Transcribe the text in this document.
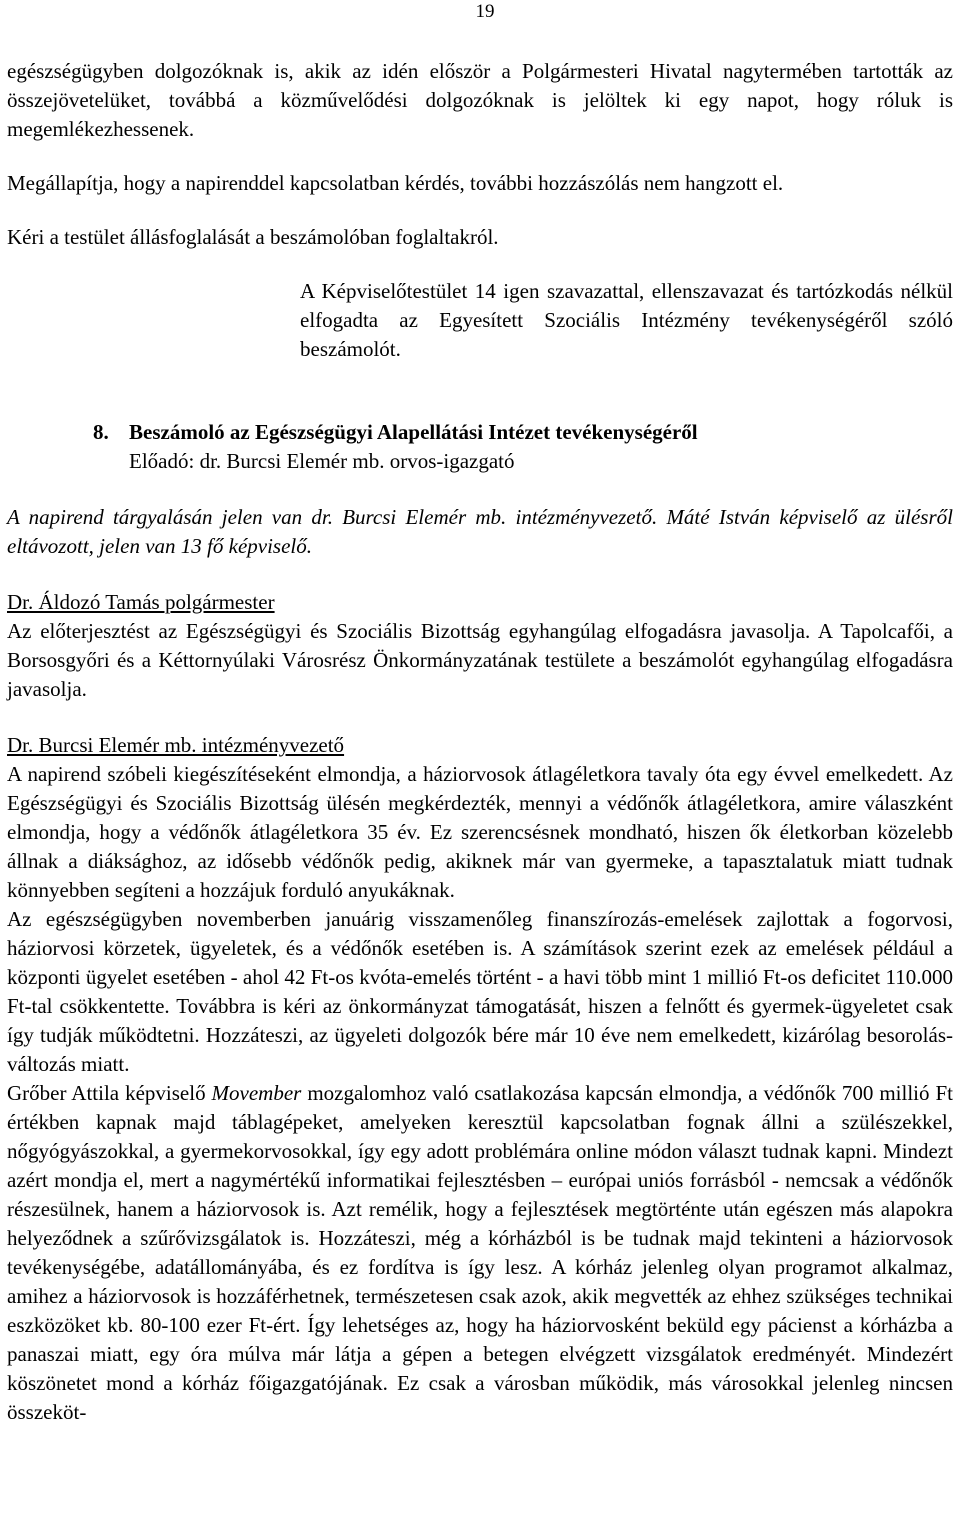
19

egészségügyben dolgozóknak is, akik az idén először a Polgármesteri Hivatal nagytermében tartották az összejövetelüket, továbbá a közművelődési dolgozóknak is jelöltek ki egy napot, hogy róluk is megemlékezhessenek.

Megállapítja, hogy a napirenddel kapcsolatban kérdés, további hozzászólás nem hangzott el.

Kéri a testület állásfoglalását a beszámolóban foglaltakról.

A Képviselőtestület 14 igen szavazattal, ellenszavazat és tartózkodás nélkül elfogadta az Egyesített Szociális Intézmény tevékenységéről szóló beszámolót.

8. Beszámoló az Egészségügyi Alapellátási Intézet tevékenységéről
Előadó: dr. Burcsi Elemér mb. orvos-igazgató

A napirend tárgyalásán jelen van dr. Burcsi Elemér mb. intézményvezető. Máté István képviselő az ülésről eltávozott, jelen van 13 fő képviselő.

Dr. Áldozó Tamás polgármester

Az előterjesztést az Egészségügyi és Szociális Bizottság egyhangúlag elfogadásra javasolja. A Tapolcafői, a Borsosgyőri és a Kéttornyúlaki Városrész Önkormányzatának testülete a beszámolót egyhangúlag elfogadásra javasolja.

Dr. Burcsi Elemér mb. intézményvezető

A napirend szóbeli kiegészítéseként elmondja, a háziorvosok átlagéletkora tavaly óta egy évvel emelkedett. Az Egészségügyi és Szociális Bizottság ülésén megkérdezték, mennyi a védőnők átlagéletkora, amire válaszként elmondja, hogy a védőnők átlagéletkora 35 év. Ez szerencsésnek mondható, hiszen ők életkorban közelebb állnak a diáksághoz, az idősebb védőnők pedig, akiknek már van gyermeke, a tapasztalatuk miatt tudnak könnyebben segíteni a hozzájuk forduló anyukáknak.

Az egészségügyben novemberben januárig visszamenőleg finanszírozás-emelések zajlottak a fogorvosi, háziorvosi körzetek, ügyeletek, és a védőnők esetében is. A számítások szerint ezek az emelések például a központi ügyelet esetében - ahol 42 Ft-os kvóta-emelés történt - a havi több mint 1 millió Ft-os deficitet 110.000 Ft-tal csökkentette. Továbbra is kéri az önkormányzat támogatását, hiszen a felnőtt és gyermek-ügyeletet csak így tudják működtetni. Hozzáteszi, az ügyeleti dolgozók bére már 10 éve nem emelkedett, kizárólag besorolás-változás miatt.

Grőber Attila képviselő Movember mozgalomhoz való csatlakozása kapcsán elmondja, a védőnők 700 millió Ft értékben kapnak majd táblagépeket, amelyeken keresztül kapcsolatban fognak állni a szülészekkel, nőgyógyászokkal, a gyermekorvosokkal, így egy adott problémára online módon választ tudnak kapni. Mindezt azért mondja el, mert a nagymértékű informatikai fejlesztésben – európai uniós forrásból - nemcsak a védőnők részesülnek, hanem a háziorvosok is. Azt remélik, hogy a fejlesztések megtörténte után egészen más alapokra helyeződnek a szűrővizsgálatok is. Hozzáteszi, még a kórházból is be tudnak majd tekinteni a háziorvosok tevékenységébe, adatállományába, és ez fordítva is így lesz. A kórház jelenleg olyan programot alkalmaz, amihez a háziorvosok is hozzáférhetnek, természetesen csak azok, akik megvették az ehhez szükséges technikai eszközöket kb. 80-100 ezer Ft-ért. Így lehetséges az, hogy ha háziorvosként beküld egy pácienst a kórházba a panaszai miatt, egy óra múlva már látja a gépen a betegen elvégzett vizsgálatok eredményét. Mindezért köszönetet mond a kórház főigazgatójának. Ez csak a városban működik, más városokkal jelenleg nincsen összeköt-
